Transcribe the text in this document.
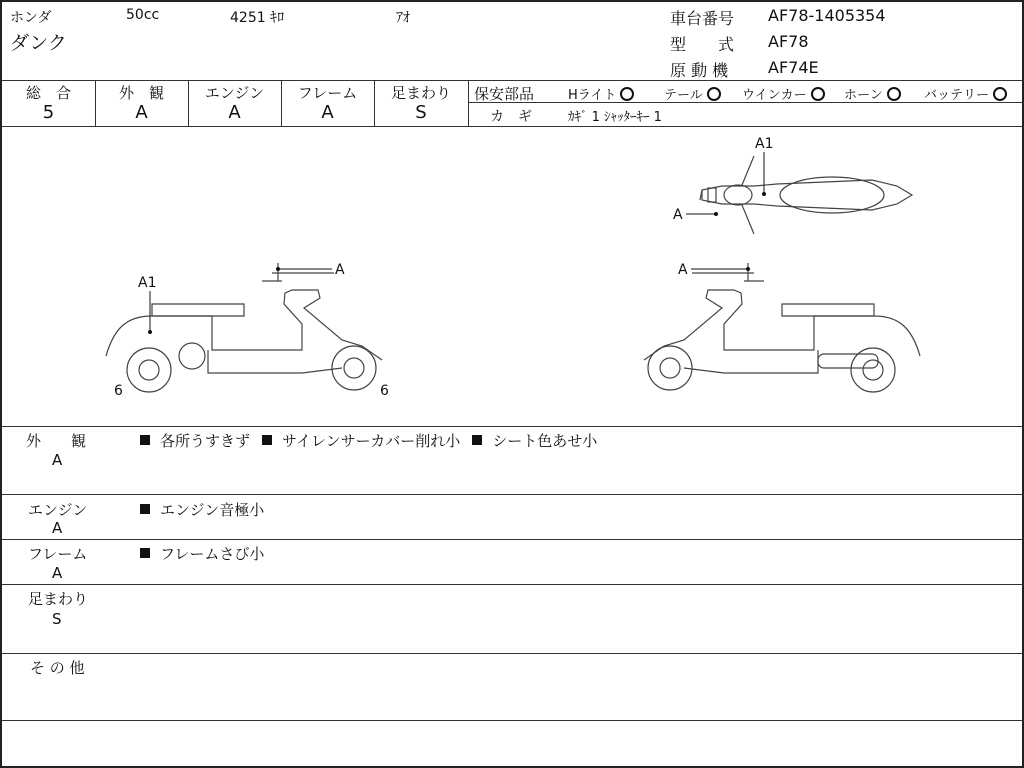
ホンダ	50cc	4251 ｷﾛ	ｱｵ
ダンク
車台番号 AF78-1405354
型　　式 AF78
原 動 機 AF74E
総　合
5
外　観
A
エンジン
A
フレーム
A
足まわり
S
保安部品	Hライト	テール	ウインカー	ホーン	バッテリー
カ　ギ	ｶｷﾞ 1 ｼｬｯﾀｰｷｰ 1
A1
A
A1
A
6	6
A
外　　観
A
各所うすきず サイレンサーカバー削れ小 シート色あせ小
エンジン
A
エンジン音極小
フレーム
A
フレームさび小
足まわり
S
そ の 他
